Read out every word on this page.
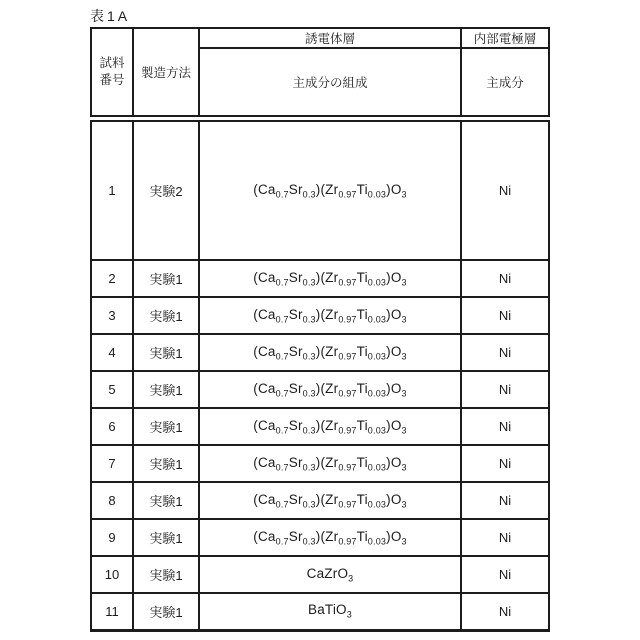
表1A
試料
番号	製造方法	誘電体層	内部電極層
		主成分の組成	主成分
1	実験2	$(Ca_{0.7}Sr_{0.3})(Zr_{0.97}Ti_{0.03})O_3$	Ni
2	実験1	$(Ca_{0.7}Sr_{0.3})(Zr_{0.97}Ti_{0.03})O_3$	Ni
3	実験1	$(Ca_{0.7}Sr_{0.3})(Zr_{0.97}Ti_{0.03})O_3$	Ni
4	実験1	$(Ca_{0.7}Sr_{0.3})(Zr_{0.97}Ti_{0.03})O_3$	Ni
5	実験1	$(Ca_{0.7}Sr_{0.3})(Zr_{0.97}Ti_{0.03})O_3$	Ni
6	実験1	$(Ca_{0.7}Sr_{0.3})(Zr_{0.97}Ti_{0.03})O_3$	Ni
7	実験1	$(Ca_{0.7}Sr_{0.3})(Zr_{0.97}Ti_{0.03})O_3$	Ni
8	実験1	$(Ca_{0.7}Sr_{0.3})(Zr_{0.97}Ti_{0.03})O_3$	Ni
9	実験1	$(Ca_{0.7}Sr_{0.3})(Zr_{0.97}Ti_{0.03})O_3$	Ni
10	実験1	CaZrO$_3$	Ni
11	実験1	BaTiO$_3$	Ni
